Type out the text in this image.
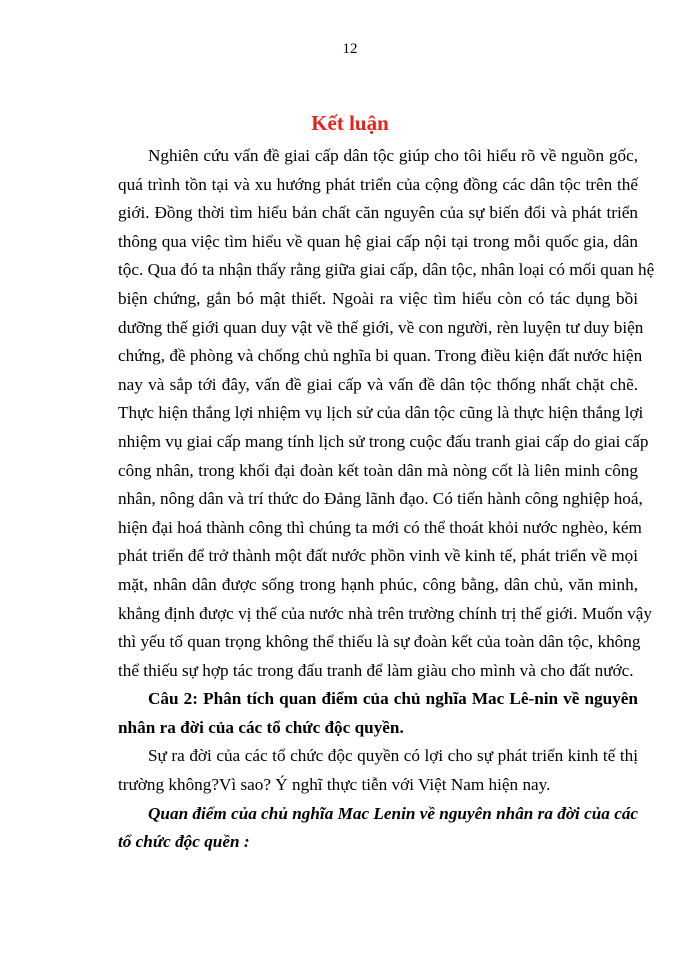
12
Kết luận
Nghiên cứu vấn đề giai cấp dân tộc giúp cho tôi hiểu rõ về nguồn gốc,
quá trình tồn tại và xu hướng phát triển của cộng đồng các dân tộc trên thế
giới. Đồng thời tìm hiểu bản chất căn nguyên của sự biến đổi và phát triển
thông qua việc tìm hiểu về quan hệ giai cấp nội tại trong mỗi quốc gia, dân
tộc. Qua đó ta nhận thấy rằng giữa giai cấp, dân tộc, nhân loại có mối quan hệ
biện chứng, gắn bó mật thiết. Ngoài ra việc tìm hiểu còn có tác dụng bồi
dưỡng thế giới quan duy vật về thế giới, về con người, rèn luyện tư duy biện
chứng, đề phòng và chống chủ nghĩa bi quan. Trong điều kiện đất nước hiện
nay và sắp tới đây, vấn đề giai cấp và vấn đề dân tộc thống nhất chặt chẽ.
Thực hiện thắng lợi nhiệm vụ lịch sử của dân tộc cũng là thực hiện thắng lợi
nhiệm vụ giai cấp mang tính lịch sử trong cuộc đấu tranh giai cấp do giai cấp
công nhân, trong khối đại đoàn kết toàn dân mà nòng cốt là liên minh công
nhân, nông dân và trí thức do Đảng lãnh đạo. Có tiến hành công nghiệp hoá,
hiện đại hoá thành công thì chúng ta mới có thể thoát khỏi nước nghèo, kém
phát triển để trở thành một đất nước phồn vinh về kinh tế, phát triển về mọi
mặt, nhân dân được sống trong hạnh phúc, công bằng, dân chủ, văn minh,
khẳng định được vị thế của nước nhà trên trường chính trị thế giới. Muốn vậy
thì yếu tố quan trọng không thể thiếu là sự đoàn kết của toàn dân tộc, không
thể thiếu sự hợp tác trong đấu tranh để làm giàu cho mình và cho đất nước.
Câu 2: Phân tích quan điểm của chủ nghĩa Mac Lê-nin về nguyên
nhân ra đời của các tổ chức độc quyền.
Sự ra đời của các tổ chức độc quyền có lợi cho sự phát triển kinh tế thị
trường không?Vì sao? Ý nghĩ thực tiễn với Việt Nam hiện nay.
Quan điểm của chủ nghĩa Mac Lenin về nguyên nhân ra đời của các
tổ chức độc quền :
